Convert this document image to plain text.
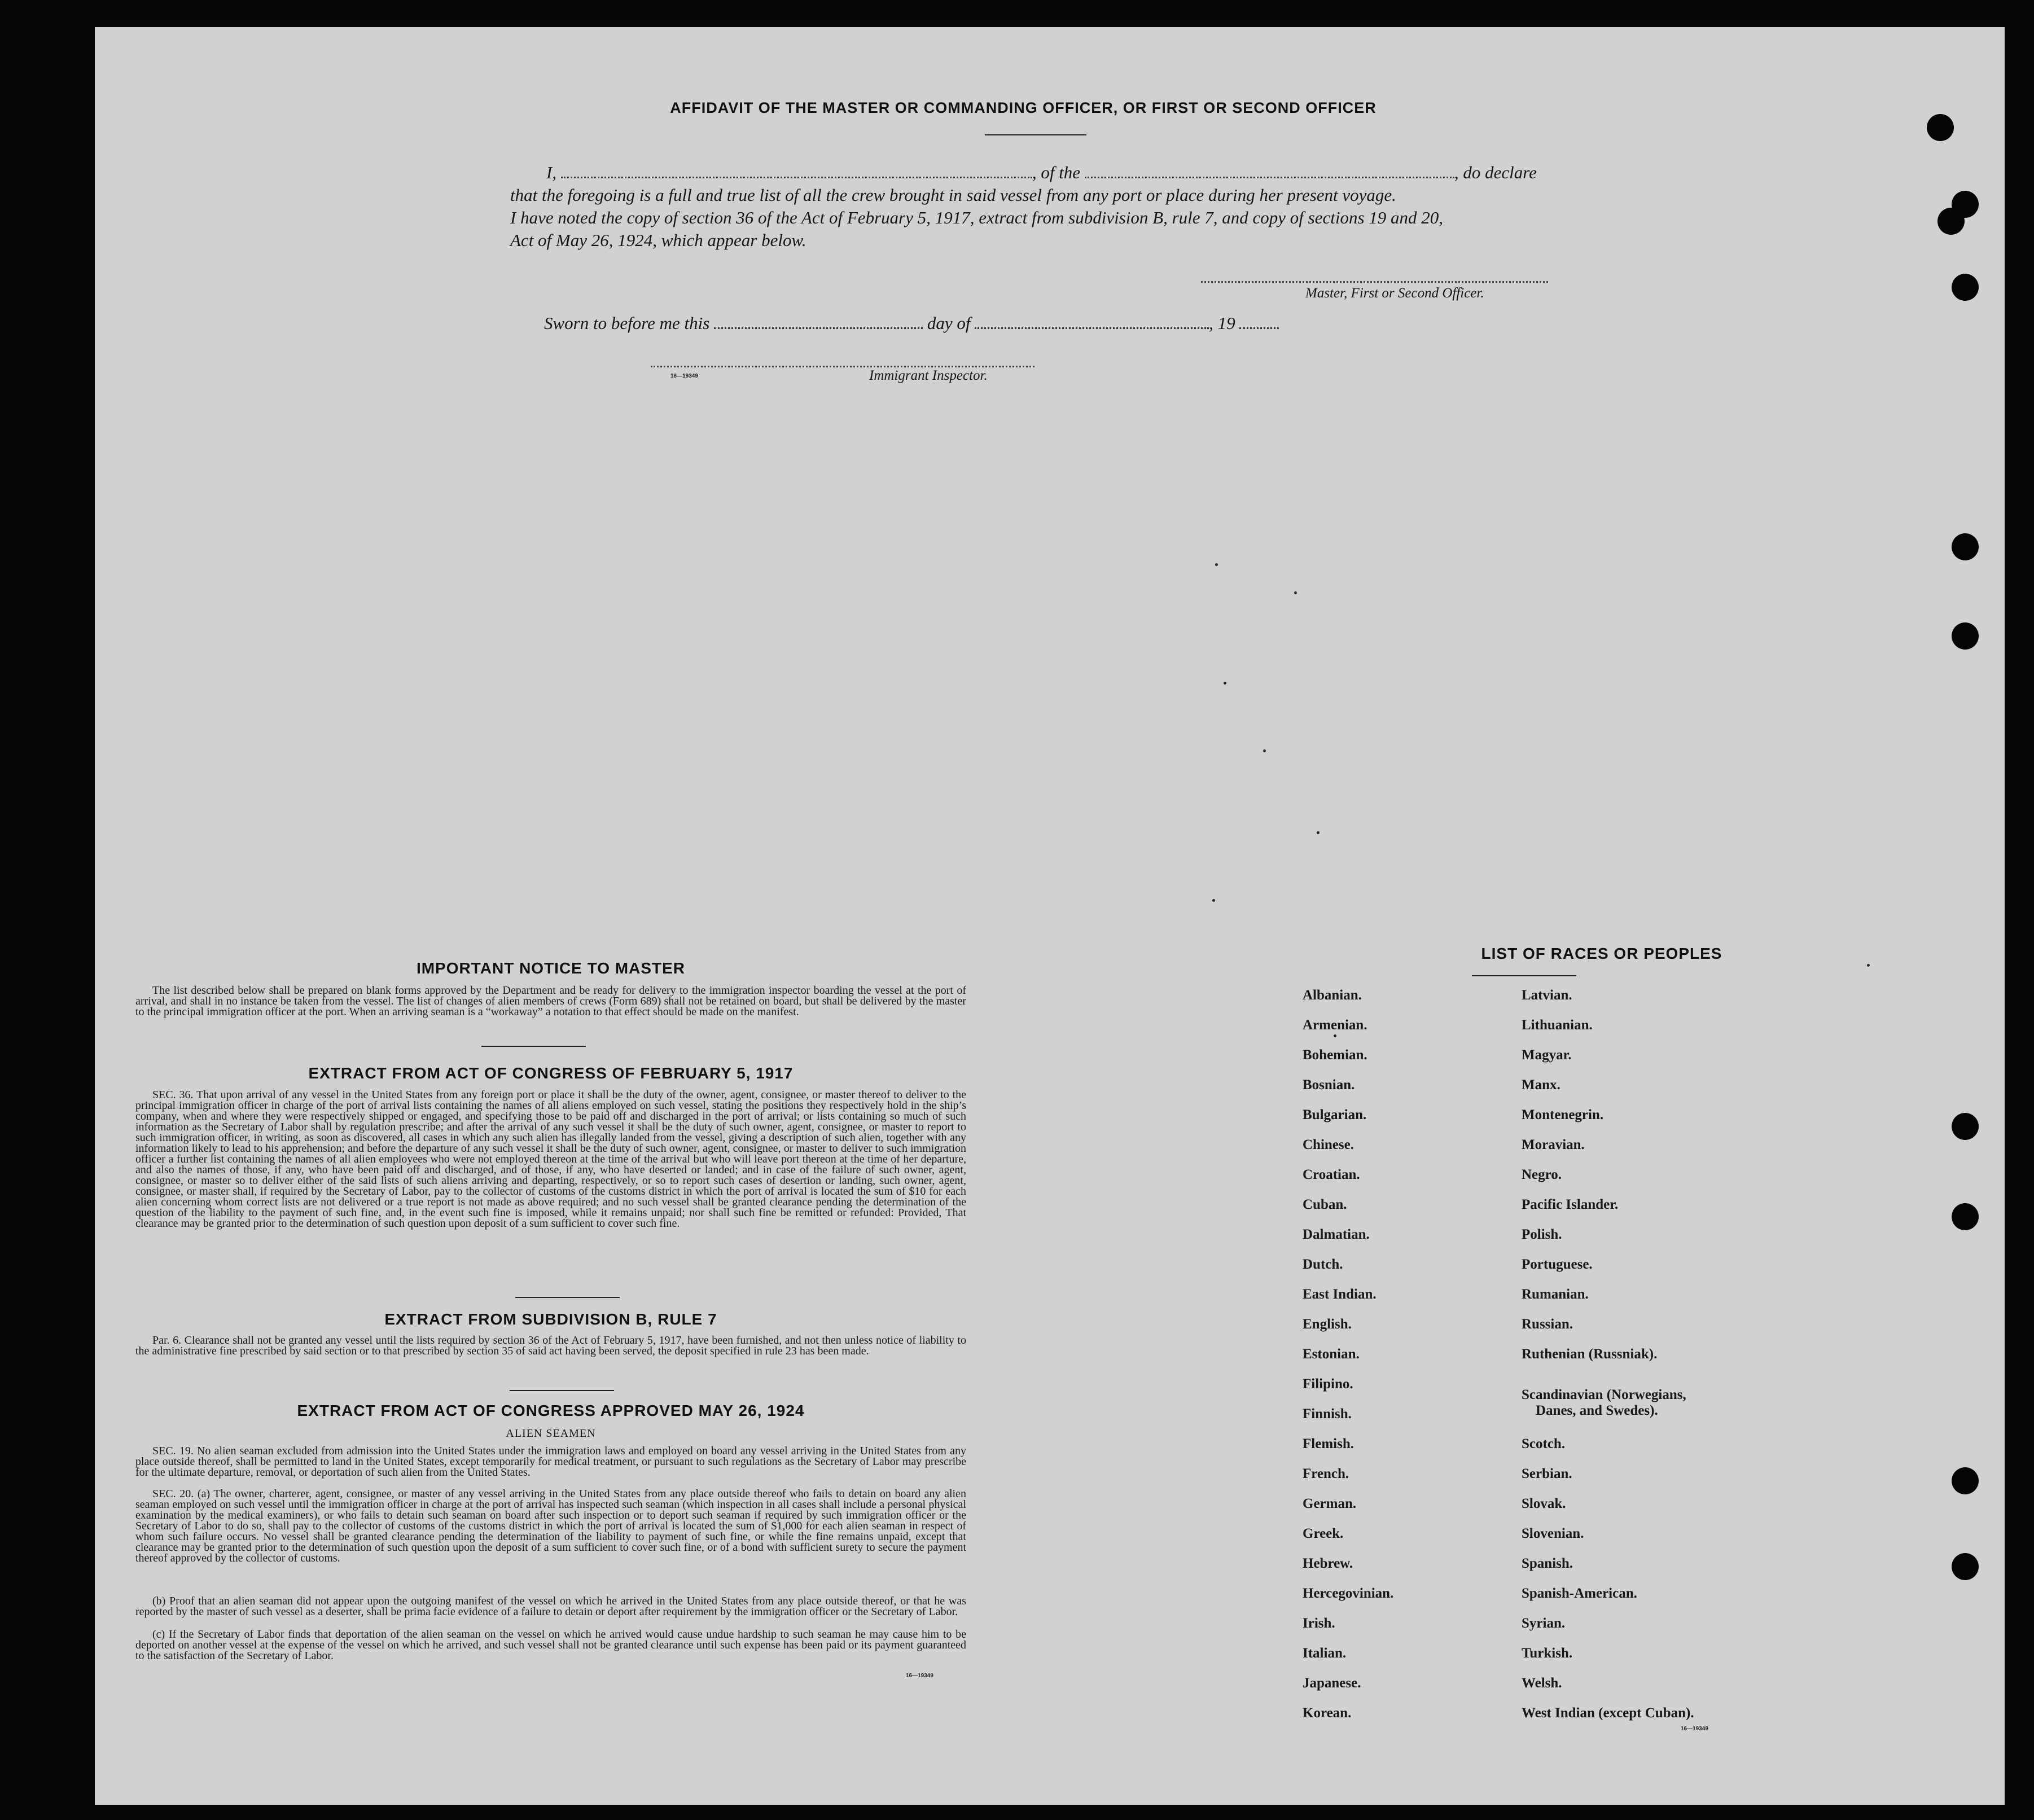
AFFIDAVIT OF THE MASTER OR COMMANDING OFFICER, OR FIRST OR SECOND OFFICER
I,	, of the	, do declare
that the foregoing is a full and true list of all the crew brought in said vessel from any port or place during her present voyage.
I have noted the copy of section 36 of the Act of February 5, 1917, extract from subdivision B, rule 7, and copy of sections 19 and 20,
Act of May 26, 1924, which appear below.
Master, First or Second Officer.
Sworn to before me this	day of	, 19
16—19349	Immigrant Inspector.
IMPORTANT NOTICE TO MASTER
The list described below shall be prepared on blank forms approved by the Department and be ready for delivery to the immigration inspector boarding the vessel at the port of arrival, and shall in no instance be taken from the vessel. The list of changes of alien members of crews (Form 689) shall not be retained on board, but shall be delivered by the master to the principal immigration officer at the port. When an arriving seaman is a “workaway” a notation to that effect should be made on the manifest.
EXTRACT FROM ACT OF CONGRESS OF FEBRUARY 5, 1917
SEC. 36. That upon arrival of any vessel in the United States from any foreign port or place it shall be the duty of the owner, agent, consignee, or master thereof to deliver to the principal immigration officer in charge of the port of arrival lists containing the names of all aliens employed on such vessel, stating the positions they respectively hold in the ship’s company, when and where they were respectively shipped or engaged, and specifying those to be paid off and discharged in the port of arrival; or lists containing so much of such information as the Secretary of Labor shall by regulation prescribe; and after the arrival of any such vessel it shall be the duty of such owner, agent, consignee, or master to report to such immigration officer, in writing, as soon as discovered, all cases in which any such alien has illegally landed from the vessel, giving a description of such alien, together with any information likely to lead to his apprehension; and before the departure of any such vessel it shall be the duty of such owner, agent, consignee, or master to deliver to such immigration officer a further list containing the names of all alien employees who were not employed thereon at the time of the arrival but who will leave port thereon at the time of her departure, and also the names of those, if any, who have been paid off and discharged, and of those, if any, who have deserted or landed; and in case of the failure of such owner, agent, consignee, or master so to deliver either of the said lists of such aliens arriving and departing, respectively, or so to report such cases of desertion or landing, such owner, agent, consignee, or master shall, if required by the Secretary of Labor, pay to the collector of customs of the customs district in which the port of arrival is located the sum of $10 for each alien concerning whom correct lists are not delivered or a true report is not made as above required; and no such vessel shall be granted clearance pending the determination of the question of the liability to the payment of such fine, and, in the event such fine is imposed, while it remains unpaid; nor shall such fine be remitted or refunded: Provided, That clearance may be granted prior to the determination of such question upon deposit of a sum sufficient to cover such fine.
EXTRACT FROM SUBDIVISION B, RULE 7
Par. 6. Clearance shall not be granted any vessel until the lists required by section 36 of the Act of February 5, 1917, have been furnished, and not then unless notice of liability to the administrative fine prescribed by said section or to that prescribed by section 35 of said act having been served, the deposit specified in rule 23 has been made.
EXTRACT FROM ACT OF CONGRESS APPROVED MAY 26, 1924
ALIEN SEAMEN
SEC. 19. No alien seaman excluded from admission into the United States under the immigration laws and employed on board any vessel arriving in the United States from any place outside thereof, shall be permitted to land in the United States, except temporarily for medical treatment, or pursuant to such regulations as the Secretary of Labor may prescribe for the ultimate departure, removal, or deportation of such alien from the United States.
SEC. 20. (a) The owner, charterer, agent, consignee, or master of any vessel arriving in the United States from any place outside thereof who fails to detain on board any alien seaman employed on such vessel until the immigration officer in charge at the port of arrival has inspected such seaman (which inspection in all cases shall include a personal physical examination by the medical examiners), or who fails to detain such seaman on board after such inspection or to deport such seaman if required by such immigration officer or the Secretary of Labor to do so, shall pay to the collector of customs of the customs district in which the port of arrival is located the sum of $1,000 for each alien seaman in respect of whom such failure occurs. No vessel shall be granted clearance pending the determination of the liability to payment of such fine, or while the fine remains unpaid, except that clearance may be granted prior to the determination of such question upon the deposit of a sum sufficient to cover such fine, or of a bond with sufficient surety to secure the payment thereof approved by the collector of customs.
(b) Proof that an alien seaman did not appear upon the outgoing manifest of the vessel on which he arrived in the United States from any place outside thereof, or that he was reported by the master of such vessel as a deserter, shall be prima facie evidence of a failure to detain or deport after requirement by the immigration officer or the Secretary of Labor.
(c) If the Secretary of Labor finds that deportation of the alien seaman on the vessel on which he arrived would cause undue hardship to such seaman he may cause him to be deported on another vessel at the expense of the vessel on which he arrived, and such vessel shall not be granted clearance until such expense has been paid or its payment guaranteed to the satisfaction of the Secretary of Labor.
16—19349
LIST OF RACES OR PEOPLES
Albanian.
Armenian.
Bohemian.
Bosnian.
Bulgarian.
Chinese.
Croatian.
Cuban.
Dalmatian.
Dutch.
East Indian.
English.
Estonian.
Filipino.
Finnish.
Flemish.
French.
German.
Greek.
Hebrew.
Hercegovinian.
Irish.
Italian.
Japanese.
Korean.
Latvian.
Lithuanian.
Magyar.
Manx.
Montenegrin.
Moravian.
Negro.
Pacific Islander.
Polish.
Portuguese.
Rumanian.
Russian.
Ruthenian (Russniak).
Scandinavian (Norwegians,
Danes, and Swedes).
Scotch.
Serbian.
Slovak.
Slovenian.
Spanish.
Spanish-American.
Syrian.
Turkish.
Welsh.
West Indian (except Cuban).
16—19349
